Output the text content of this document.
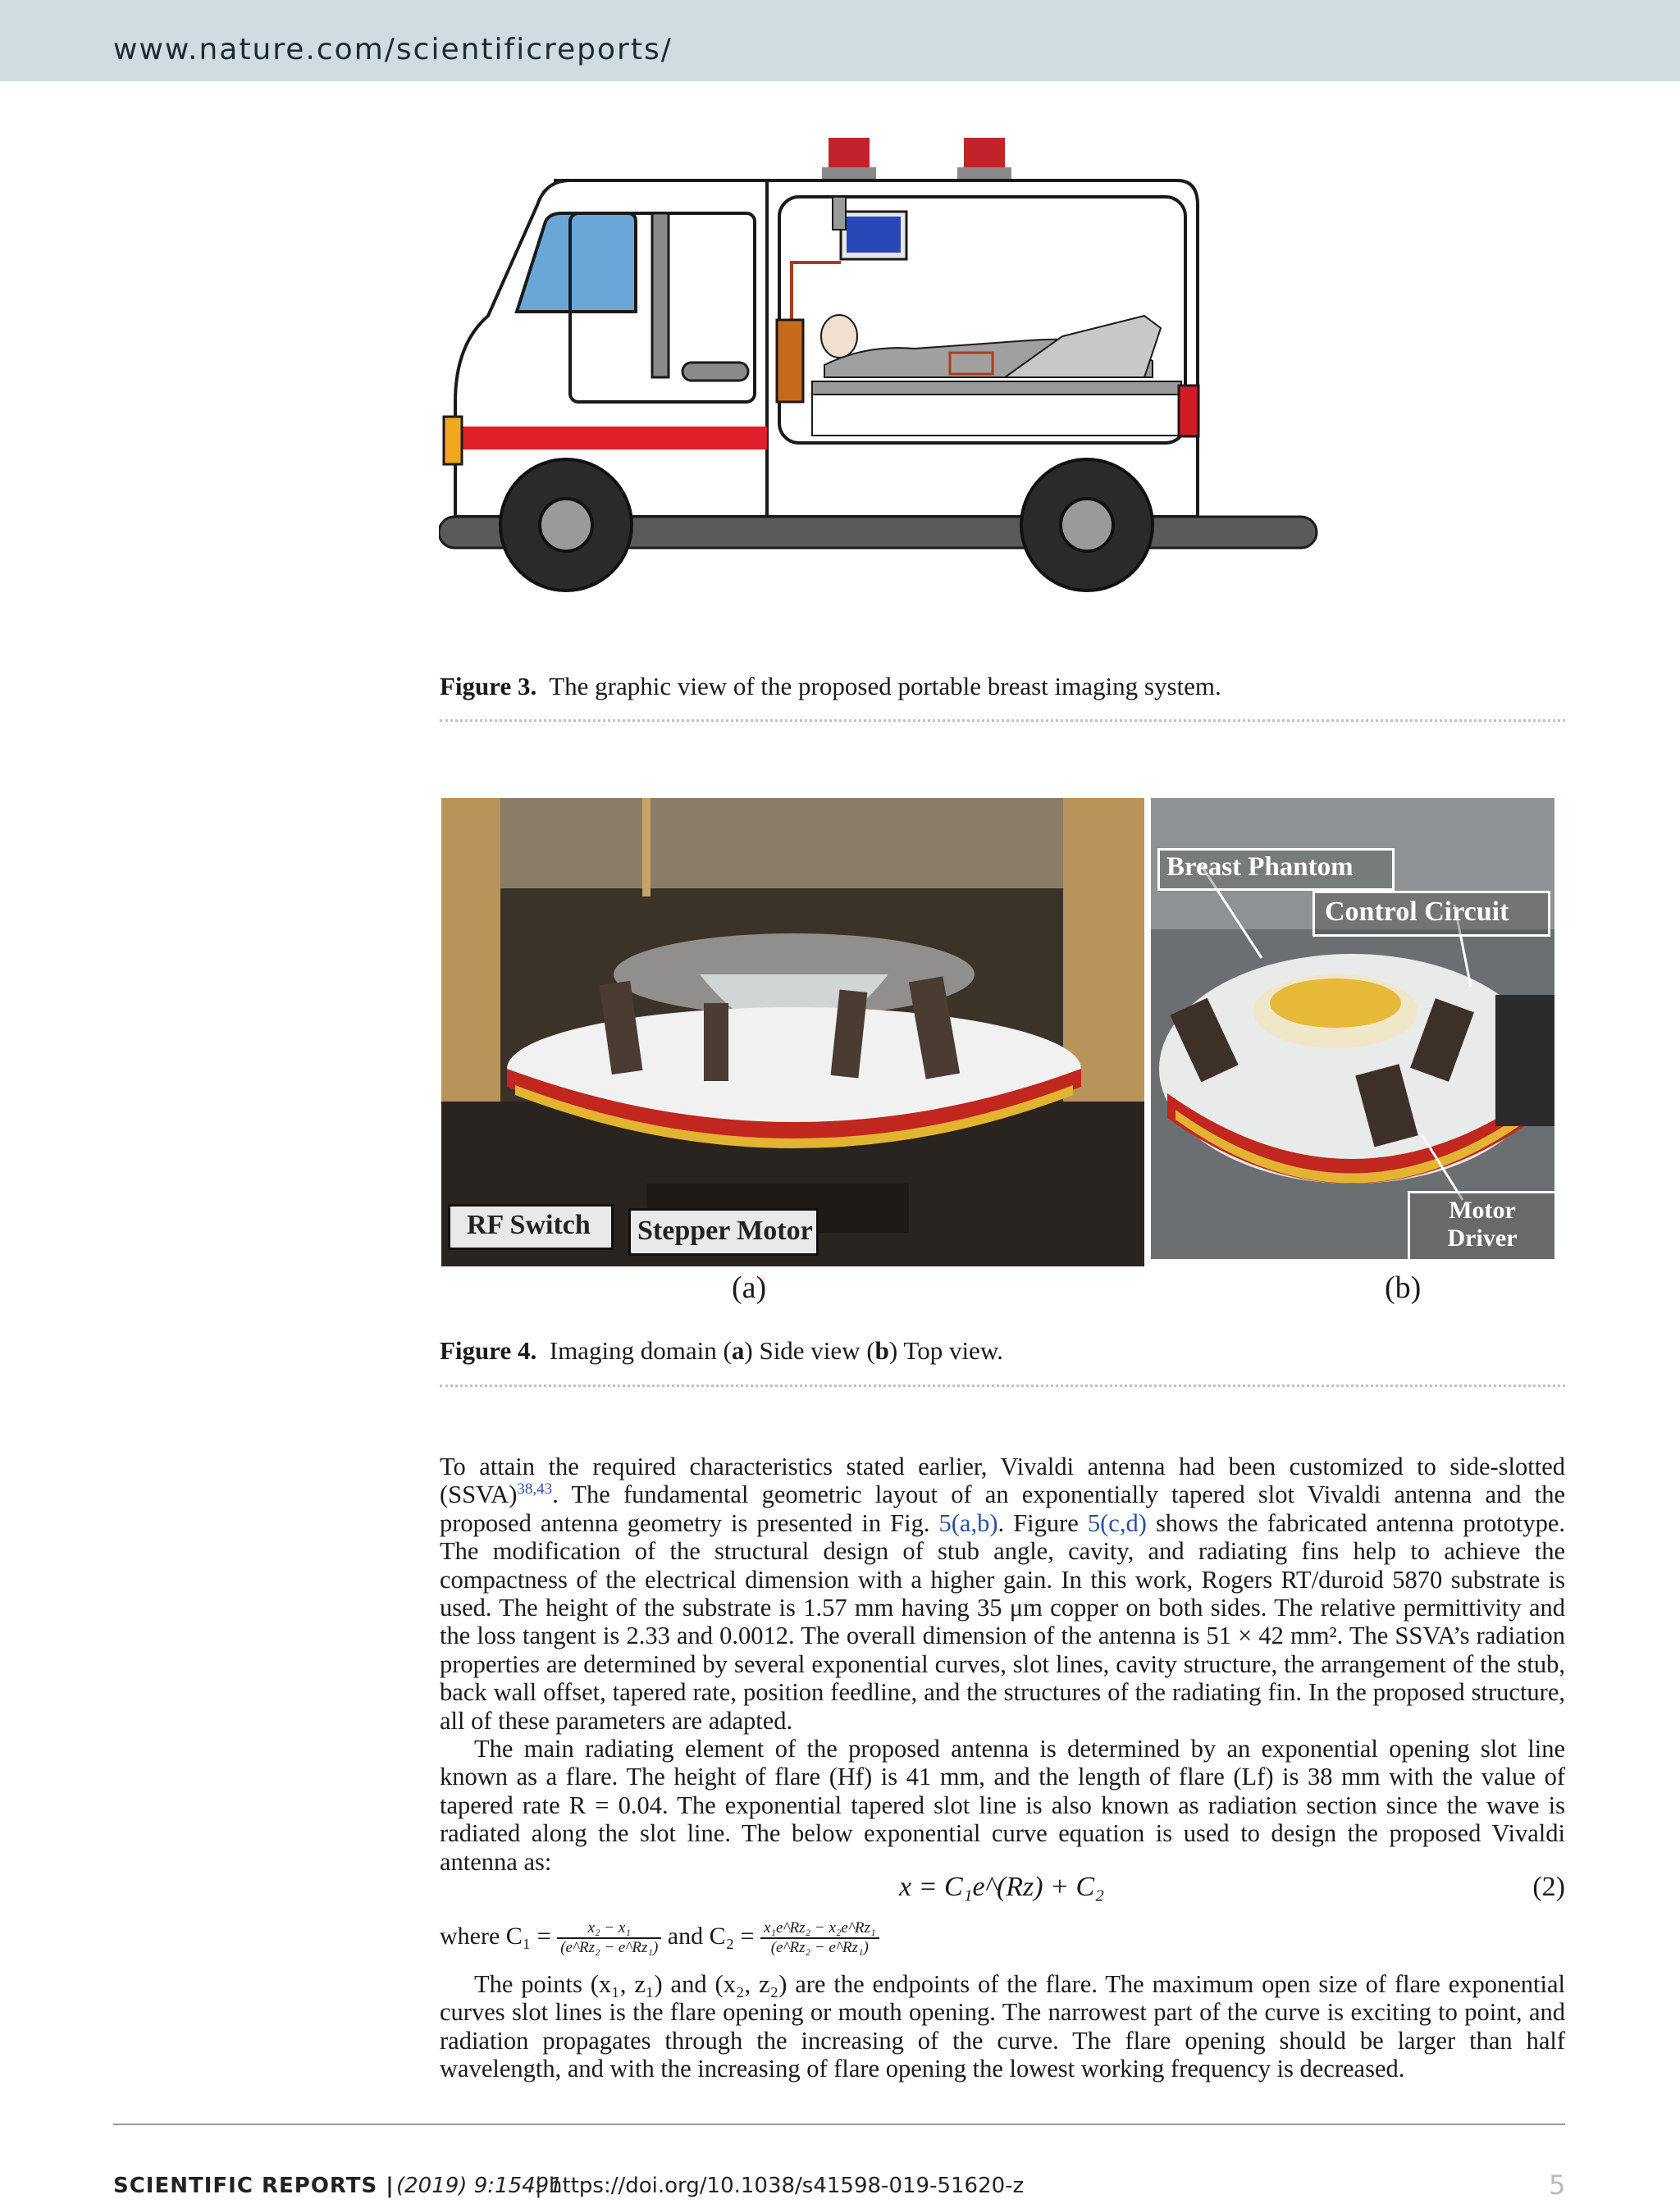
www.nature.com/scientificreports/
Figure 3. The graphic view of the proposed portable breast imaging system.
RF Switch Stepper Motor
(a)
Breast Phantom
Control Circuit
Motor
Driver
(b)
Figure 4. Imaging domain (a) Side view (b) Top view.

To attain the required characteristics stated earlier, Vivaldi antenna had been customized to side-slotted (SSVA)$^{38,43}$. The fundamental geometric layout of an exponentially tapered slot Vivaldi antenna and the proposed antenna geometry is presented in Fig. 5(a,b). Figure 5(c,d) shows the fabricated antenna prototype. The modification of the structural design of stub angle, cavity, and radiating fins help to achieve the compactness of the electrical dimension with a higher gain. In this work, Rogers RT/duroid 5870 substrate is used. The height of the substrate is 1.57 mm having 35 μm copper on both sides. The relative permittivity and the loss tangent is 2.33 and 0.0012. The overall dimension of the antenna is 51 × 42 mm². The SSVA’s radiation properties are determined by several exponential curves, slot lines, cavity structure, the arrangement of the stub, back wall offset, tapered rate, position feedline, and the structures of the radiating fin. In the proposed structure, all of these parameters are adapted.

The main radiating element of the proposed antenna is determined by an exponential opening slot line known as a flare. The height of flare (Hf) is 41 mm, and the length of flare (Lf) is 38 mm with the value of tapered rate R = 0.04. The exponential tapered slot line is also known as radiation section since the wave is radiated along the slot line. The below exponential curve equation is used to design the proposed Vivaldi antenna as:

x = C₁e^(Rz) + C₂	(2)
where $C_1 = \frac{\text{x₂ − x₁}}{\text{(e\textasciicircum{}Rz₂ − e\textasciicircum{}Rz₁)}}$ and $C_2 = \frac{\text{x₁e\textasciicircum{}Rz₂ − x₂e\textasciicircum{}Rz₁}}{\text{(e\textasciicircum{}Rz₂ − e\textasciicircum{}Rz₁)}}$

The points (x₁, z₁) and (x₂, z₂) are the endpoints of the flare. The maximum open size of flare exponential curves slot lines is the flare opening or mouth opening. The narrowest part of the curve is exciting to point, and radiation propagates through the increasing of the curve. The flare opening should be larger than half wavelength, and with the increasing of flare opening the lowest working frequency is decreased.

SCIENTIFIC REPORTS | (2019) 9:15491
| https://doi.org/10.1038/s41598-019-51620-z	5
